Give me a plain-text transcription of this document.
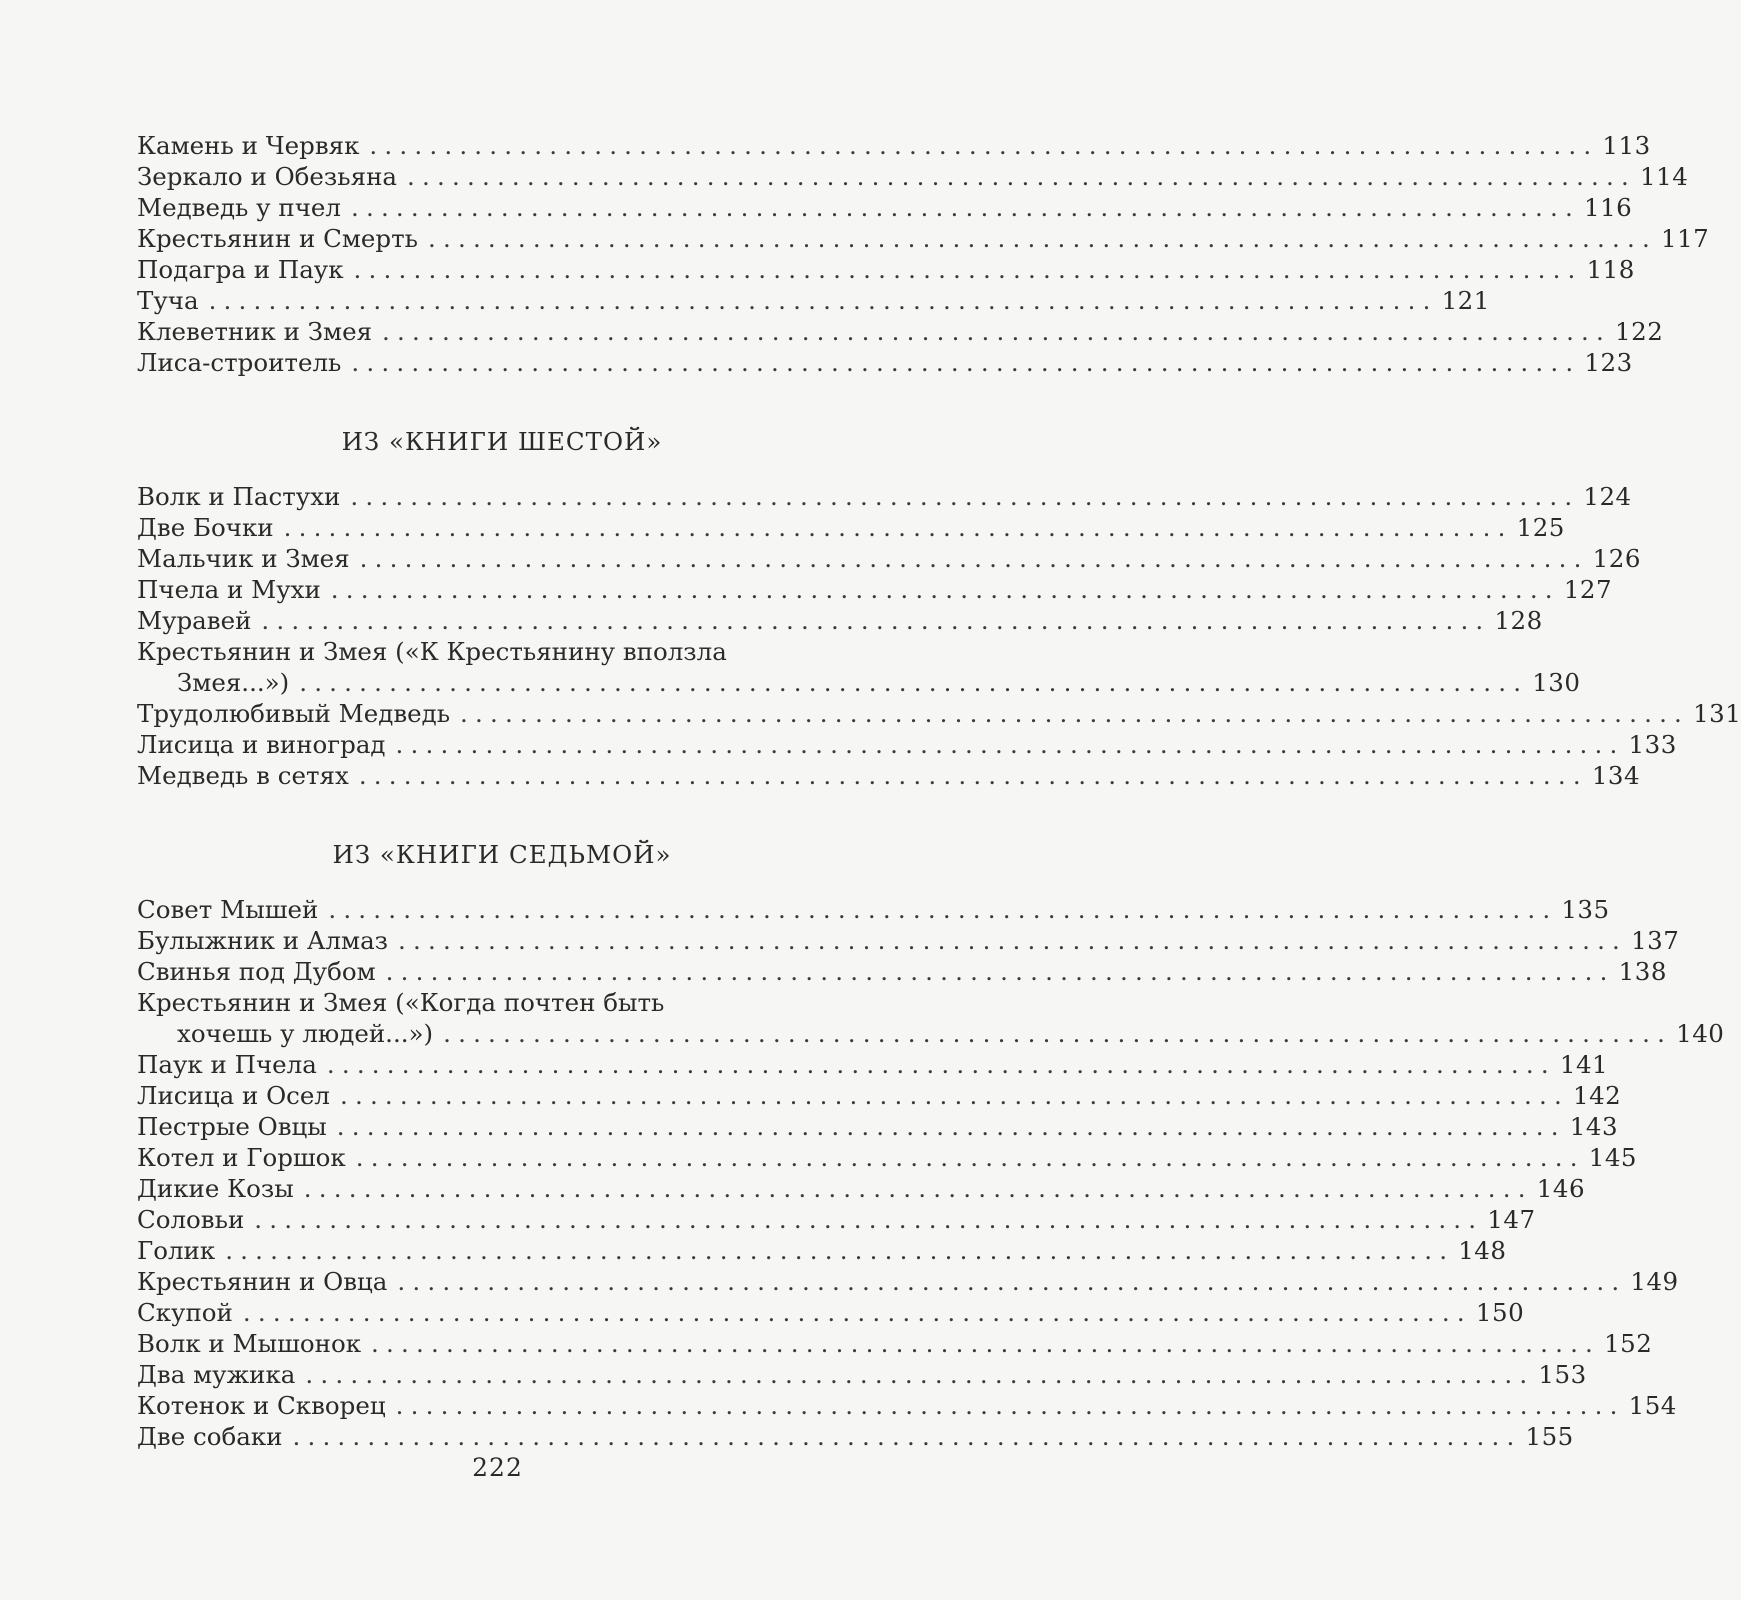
Камень и Червяк .................................................................................. 113
Зеркало и Обезьяна .................................................................................. 114
Медведь у пчел .................................................................................. 116
Крестьянин и Смерть .................................................................................. 117
Подагра и Паук .................................................................................. 118
Туча .................................................................................. 121
Клеветник и Змея .................................................................................. 122
Лиса-строитель .................................................................................. 123
ИЗ «КНИГИ ШЕСТОЙ»
Волк и Пастухи .................................................................................. 124
Две Бочки .................................................................................. 125
Мальчик и Змея .................................................................................. 126
Пчела и Мухи .................................................................................. 127
Муравей .................................................................................. 128
Крестьянин и Змея («К Крестьянину вползла
Змея...») .................................................................................. 130
Трудолюбивый Медведь .................................................................................. 131
Лисица и виноград .................................................................................. 133
Медведь в сетях .................................................................................. 134
ИЗ «КНИГИ СЕДЬМОЙ»
Совет Мышей .................................................................................. 135
Булыжник и Алмаз .................................................................................. 137
Свинья под Дубом .................................................................................. 138
Крестьянин и Змея («Когда почтен быть
хочешь у людей...») .................................................................................. 140
Паук и Пчела .................................................................................. 141
Лисица и Осел .................................................................................. 142
Пестрые Овцы .................................................................................. 143
Котел и Горшок .................................................................................. 145
Дикие Козы .................................................................................. 146
Соловьи .................................................................................. 147
Голик .................................................................................. 148
Крестьянин и Овца .................................................................................. 149
Скупой .................................................................................. 150
Волк и Мышонок .................................................................................. 152
Два мужика .................................................................................. 153
Котенок и Скворец .................................................................................. 154
Две собаки .................................................................................. 155
222
